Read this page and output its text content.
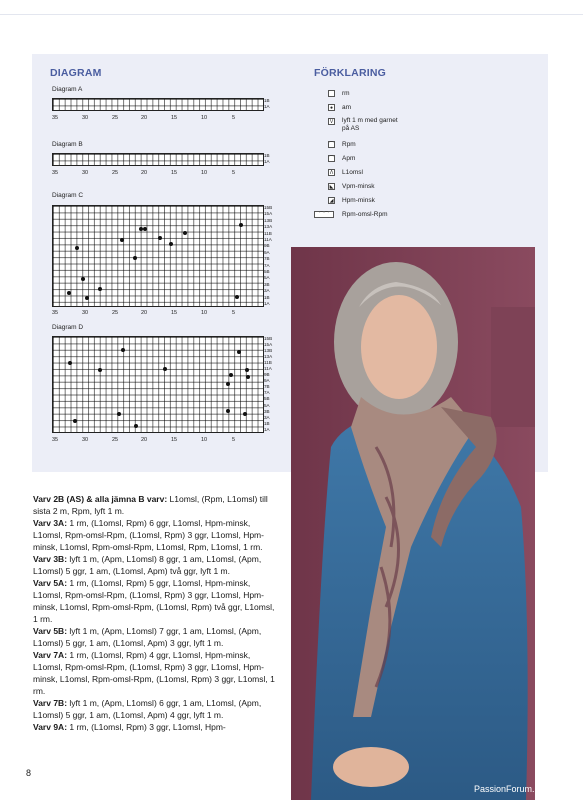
DIAGRAM	FÖRKLARING
Diagram A
1B
1A
35	30	25	20	15	10	5
Diagram B
1B
1A
35	30	25	20	15	10	5
Diagram C
15B
15A
13B
13A
11B
11A
9B
9A
7B
7A
5B
5A
3B
3A
1B
1A
35	30	25	20	15	10	5
Diagram D
15B
15A
13B
13A
11B
11A
9B
9A
7B
7A
5B
5A
3B
3A
1B
1A
35	30	25	20	15	10	5
rm
●	am
V lyft 1 m med garnet på AS
⌒ Rpm
⌒ Apm
Λ L1omsl
◣ Vpm-minsk
◢ Hpm-minsk
⌒⌒	Rpm-omsl-Rpm

Varv 2B (AS) & alla jämna B varv: L1omsl, (Rpm, L1omsl) till sista 2 m, Rpm, lyft 1 m.

Varv 3A: 1 rm, (L1omsl, Rpm) 6 ggr, L1omsl, Hpm-minsk, L1omsl, Rpm-omsl-Rpm, (L1omsl, Rpm) 3 ggr, L1omsl, Hpm-minsk, L1omsl, Rpm-omsl-Rpm, L1omsl, Rpm, L1omsl, 1 rm.

Varv 3B: lyft 1 m, (Apm, L1omsl) 8 ggr, 1 am, L1omsl, (Apm, L1omsl) 5 ggr, 1 am, (L1omsl, Apm) två ggr, lyft 1 m.

Varv 5A: 1 rm, (L1omsl, Rpm) 5 ggr, L1omsl, Hpm-minsk, L1omsl, Rpm-omsl-Rpm, (L1omsl, Rpm) 3 ggr, L1omsl, Hpm-minsk, L1omsl, Rpm-omsl-Rpm, (L1omsl, Rpm) två ggr, L1omsl, 1 rm.

Varv 5B: lyft 1 m, (Apm, L1omsl) 7 ggr, 1 am, L1omsl, (Apm, L1omsl) 5 ggr, 1 am, (L1omsl, Apm) 3 ggr, lyft 1 m.

Varv 7A: 1 rm, (L1omsl, Rpm) 4 ggr, L1omsl, Hpm-minsk, L1omsl, Rpm-omsl-Rpm, (L1omsl, Rpm) 3 ggr, L1omsl, Hpm-minsk, L1omsl, Rpm-omsl-Rpm, (L1omsl, Rpm) 3 ggr, L1omsl, 1 rm.

Varv 7B: lyft 1 m, (Apm, L1omsl) 6 ggr, 1 am, L1omsl, (Apm, L1omsl) 5 ggr, 1 am, (L1omsl, Apm) 4 ggr, lyft 1 m.

Varv 9A: 1 rm, (L1omsl, Rpm) 3 ggr, L1omsl, Hpm-

8
PassionForum.ru
